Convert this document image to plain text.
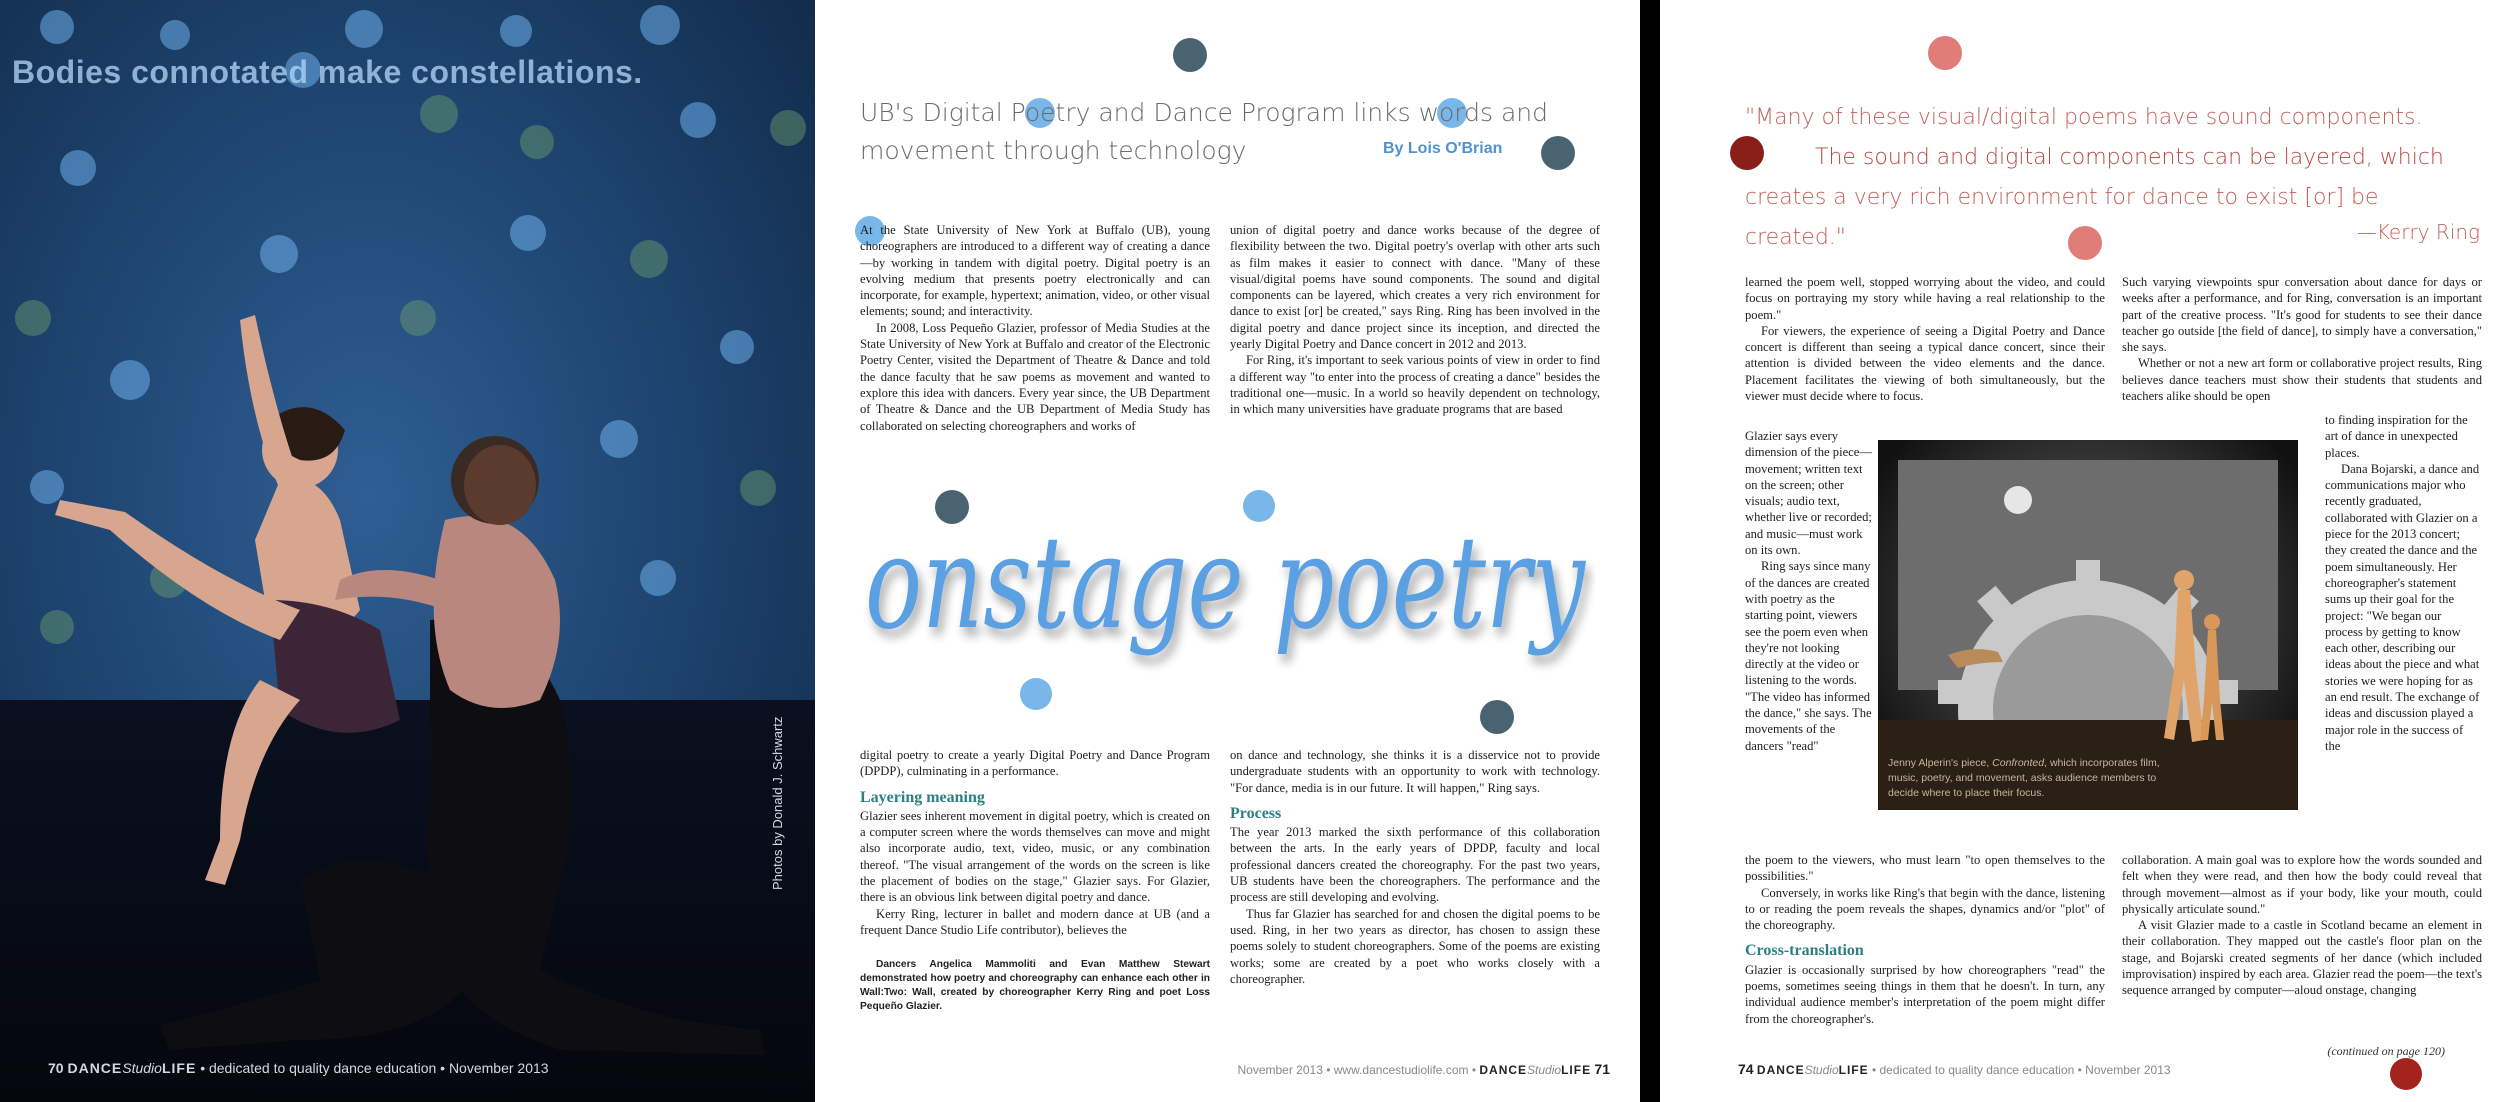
Bodies connotated make constellations.
Photos by Donald J. Schwartz
70 DANCEStudioLIFE • dedicated to quality dance education • November 2013
UB's Digital Poetry and Dance Program links words and movement through technology	By Lois O'Brian

At the State University of New York at Buffalo (UB), young choreographers are introduced to a different way of creating a dance—by working in tandem with digital poetry. Digital poetry is an evolving medium that presents poetry electronically and can incorporate, for example, hypertext; animation, video, or other visual elements; sound; and interactivity.

In 2008, Loss Pequeño Glazier, professor of Media Studies at the State University of New York at Buffalo and creator of the Electronic Poetry Center, visited the Department of Theatre & Dance and told the dance faculty that he saw poems as movement and wanted to explore this idea with dancers. Every year since, the UB Department of Theatre & Dance and the UB Department of Media Study has collaborated on selecting choreographers and works of

union of digital poetry and dance works because of the degree of flexibility between the two. Digital poetry's overlap with other arts such as film makes it easier to connect with dance. "Many of these visual/digital poems have sound components. The sound and digital components can be layered, which creates a very rich environment for dance to exist [or] be created," says Ring. Ring has been involved in the digital poetry and dance project since its inception, and directed the yearly Digital Poetry and Dance concert in 2012 and 2013.

For Ring, it's important to seek various points of view in order to find a different way "to enter into the process of creating a dance" besides the traditional one—music. In a world so heavily dependent on technology, in which many universities have graduate programs that are based

onstage poetry

digital poetry to create a yearly Digital Poetry and Dance Program (DPDP), culminating in a performance.

Layering meaning

Glazier sees inherent movement in digital poetry, which is created on a computer screen where the words themselves can move and might also incorporate audio, text, video, music, or any combination thereof. "The visual arrangement of the words on the screen is like the placement of bodies on the stage," Glazier says. For Glazier, there is an obvious link between digital poetry and dance.

Kerry Ring, lecturer in ballet and modern dance at UB (and a frequent Dance Studio Life contributor), believes the

Dancers Angelica Mammoliti and Evan Matthew Stewart demonstrated how poetry and choreography can enhance each other in Wall:Two: Wall, created by choreographer Kerry Ring and poet Loss Pequeño Glazier.

on dance and technology, she thinks it is a disservice not to provide undergraduate students with an opportunity to work with technology. "For dance, media is in our future. It will happen," Ring says.

Process

The year 2013 marked the sixth performance of this collaboration between the arts. In the early years of DPDP, faculty and local professional dancers created the choreography. For the past two years, UB students have been the choreographers. The performance and the process are still developing and evolving.

Thus far Glazier has searched for and chosen the digital poems to be used. Ring, in her two years as director, has chosen to assign these poems solely to student choreographers. Some of the poems are existing works; some are created by a poet who works closely with a choreographer.

November 2013 • www.dancestudiolife.com • DANCEStudioLIFE 71
"Many of these visual/digital poems have sound components.
The sound and digital components can be layered, which
creates a very rich environment for dance to exist [or] be created."	—Kerry Ring

learned the poem well, stopped worrying about the video, and could focus on portraying my story while having a real relationship to the poem."

For viewers, the experience of seeing a Digital Poetry and Dance concert is different than seeing a typical dance concert, since their attention is divided between the video elements and the dance. Placement facilitates the viewing of both simultaneously, but the viewer must decide where to focus.

Glazier says every dimension of the piece—movement; written text on the screen; other visuals; audio text, whether live or recorded; and music—must work on its own.

Ring says since many of the dances are created with poetry as the starting point, viewers see the poem even when they're not looking directly at the video or listening to the words. "The video has informed the dance," she says. The movements of the dancers "read"

the poem to the viewers, who must learn "to open themselves to the possibilities."

Conversely, in works like Ring's that begin with the dance, listening to or reading the poem reveals the shapes, dynamics and/or "plot" of the choreography.

Cross-translation

Glazier is occasionally surprised by how choreographers "read" the poems, sometimes seeing things in them that he doesn't. In turn, any individual audience member's interpretation of the poem might differ from the choreographer's.

Jenny Alperin's piece, Confronted, which incorporates film, music, poetry, and movement, asks audience members to decide where to place their focus.

Such varying viewpoints spur conversation about dance for days or weeks after a performance, and for Ring, conversation is an important part of the creative process. "It's good for students to see their dance teacher go outside [the field of dance], to simply have a conversation," she says.

Whether or not a new art form or collaborative project results, Ring believes dance teachers must show their students that students and teachers alike should be open

to finding inspiration for the art of dance in unexpected places.

Dana Bojarski, a dance and communications major who recently graduated, collaborated with Glazier on a piece for the 2013 concert; they created the dance and the poem simultaneously. Her choreographer's statement sums up their goal for the project: "We began our process by getting to know each other, describing our ideas about the piece and what stories we were hoping for as an end result. The exchange of ideas and discussion played a major role in the success of the

collaboration. A main goal was to explore how the words sounded and felt when they were read, and then how the body could reveal that through movement—almost as if your body, like your mouth, could physically articulate sound."

A visit Glazier made to a castle in Scotland became an element in their collaboration. They mapped out the castle's floor plan on the stage, and Bojarski created segments of her dance (which included improvisation) inspired by each area. Glazier read the poem—the text's sequence arranged by computer—aloud onstage, changing

(continued on page 120)
74 DANCEStudioLIFE • dedicated to quality dance education • November 2013
